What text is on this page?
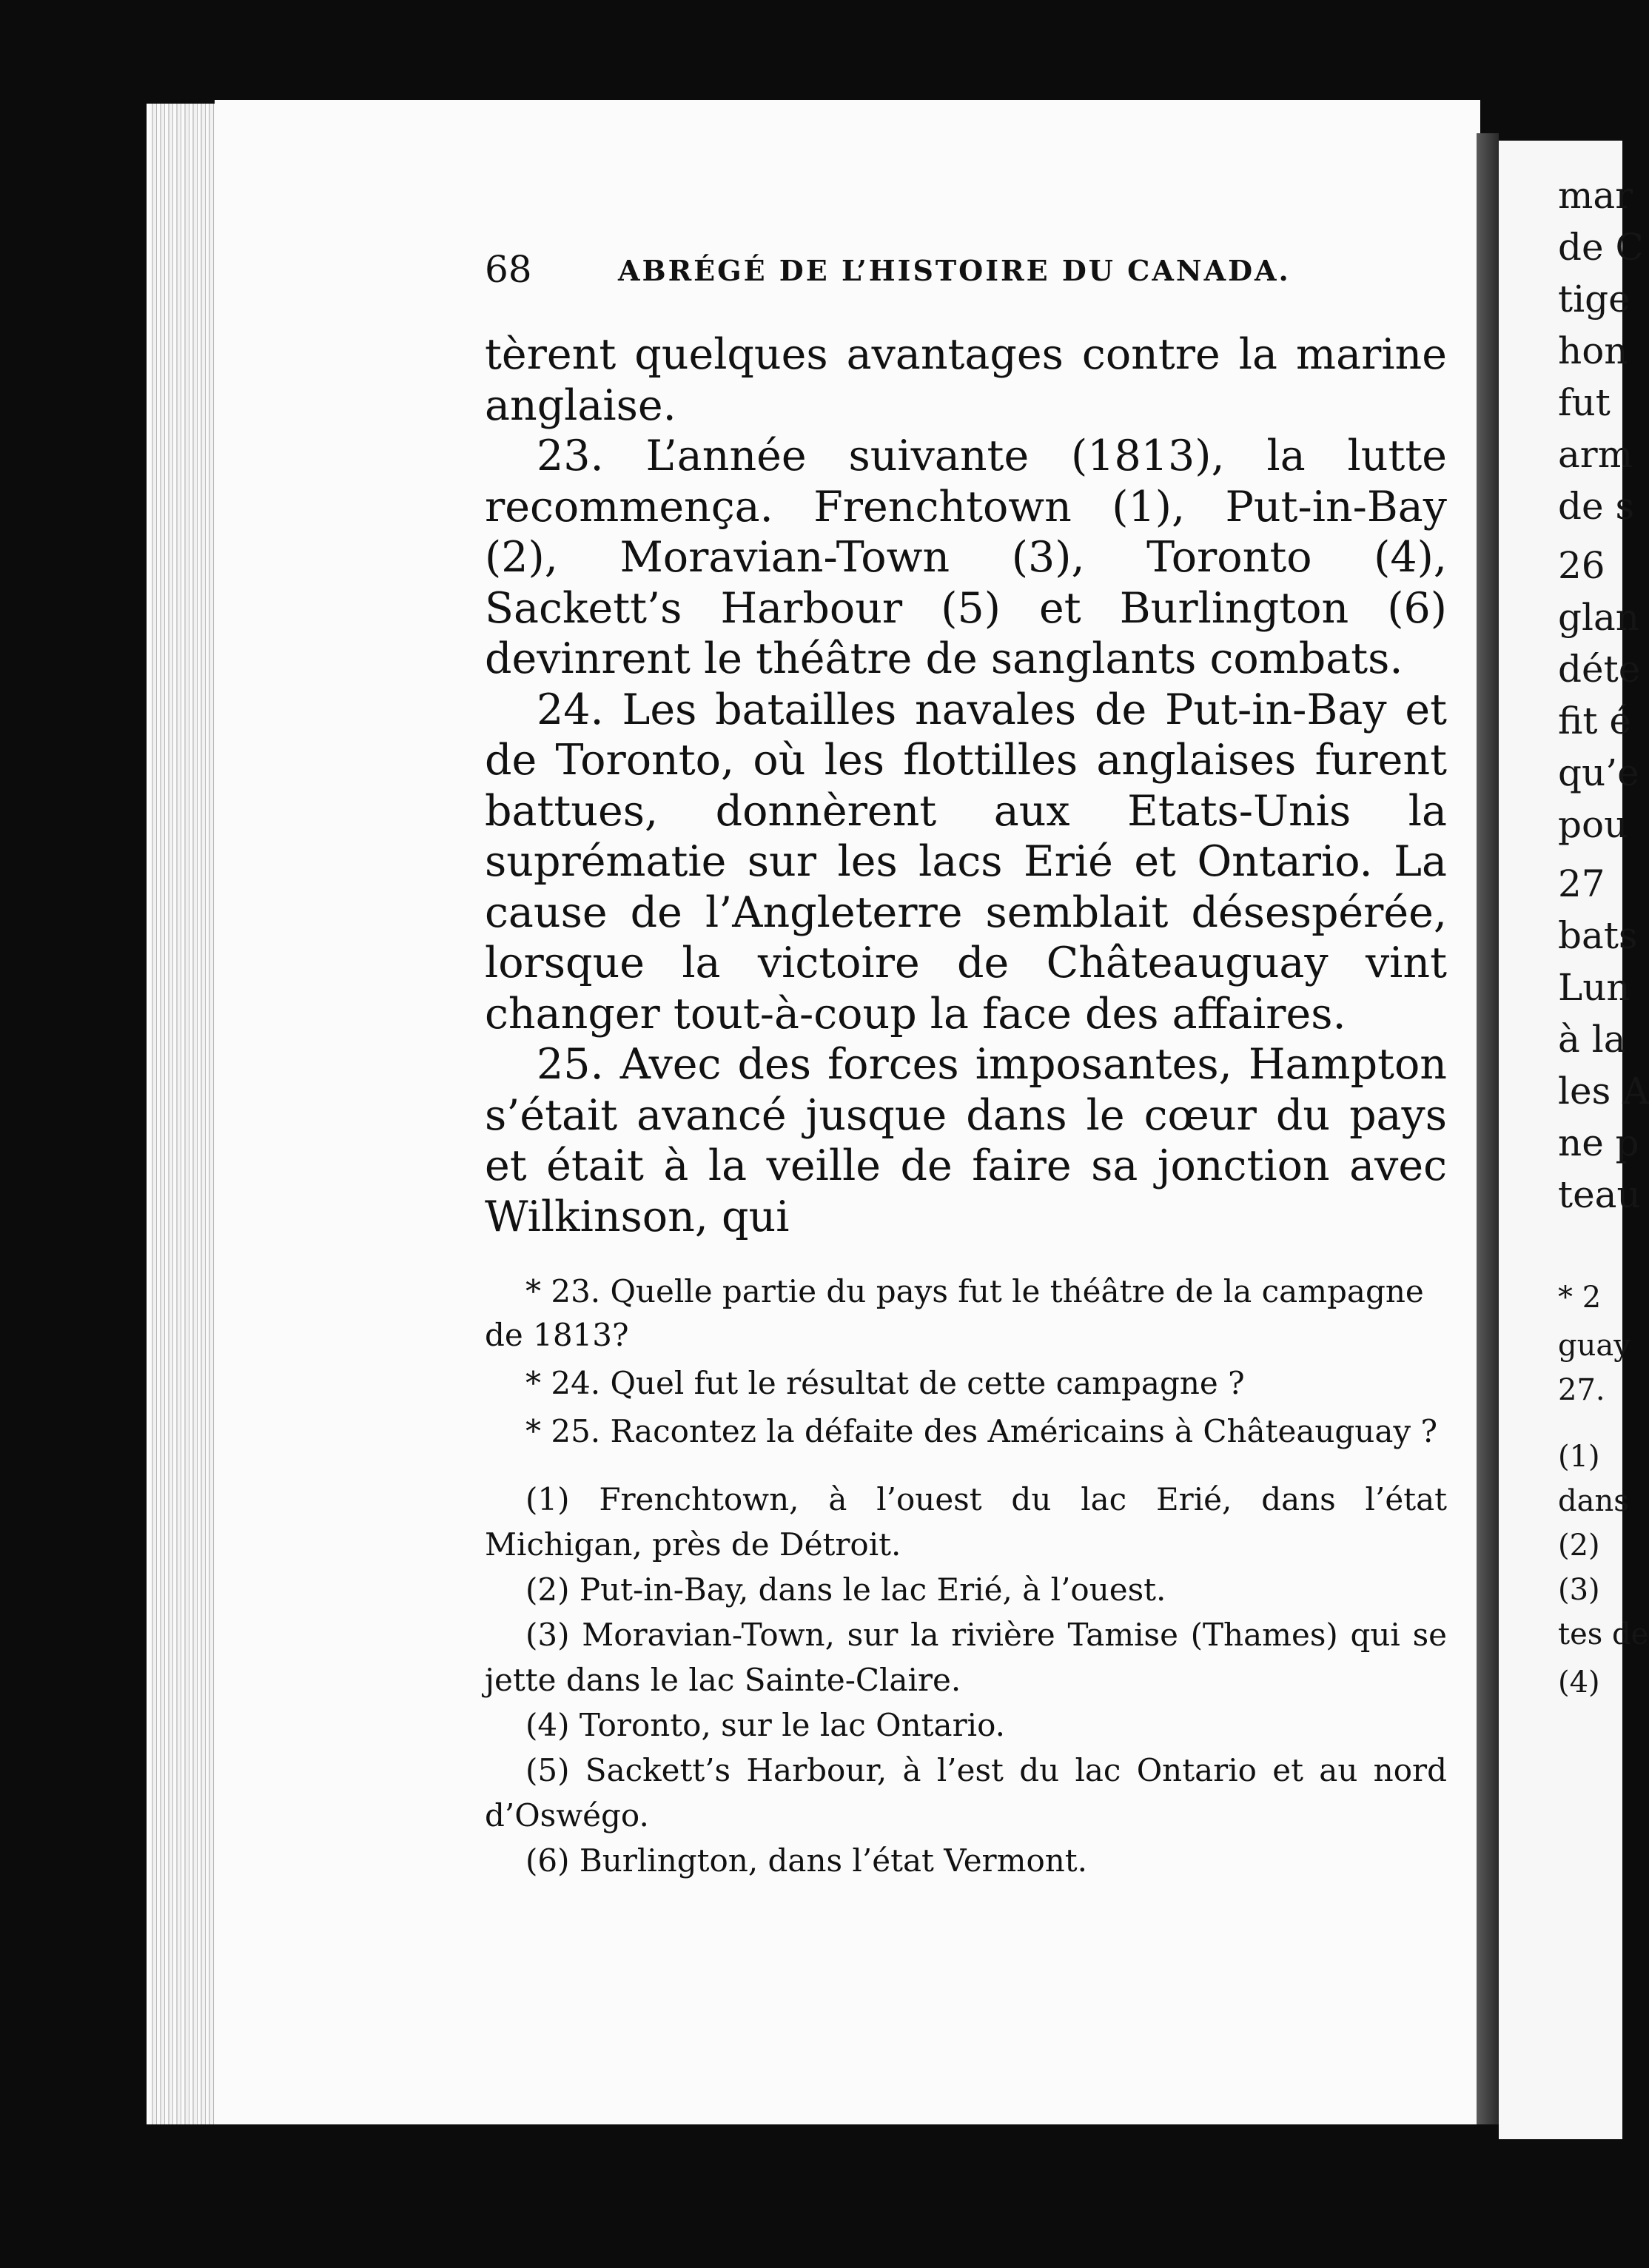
mar
de C
tige
hon
fut
arm
de s
26
glan
déte
fit é
qu’e
pou
27
bats
Lun
à la
les A
ne p
teau
* 2
guay
27.
(1)
dans
(2)
(3)
tes de
(4)
68	ABRÉGÉ DE L’HISTOIRE DU CANADA.

tèrent quelques avantages contre la marine anglaise.

23. L’année suivante (1813), la lutte recommença. Frenchtown (1), Put-in-Bay (2), Moravian-Town (3), Toronto (4), Sackett’s Harbour (5) et Burlington (6) devinrent le théâtre de sanglants combats.

24. Les batailles navales de Put-in-Bay et de Toronto, où les flottilles anglaises furent battues, donnèrent aux Etats-Unis la suprématie sur les lacs Erié et Ontario. La cause de l’Angleterre semblait désespérée, lorsque la victoire de Châteauguay vint changer tout-à-coup la face des affaires.

25. Avec des forces imposantes, Hampton s’était avancé jusque dans le cœur du pays et était à la veille de faire sa jonction avec Wilkinson, qui

* 23. Quelle partie du pays fut le théâtre de la campagne de 1813?

* 24. Quel fut le résultat de cette campagne ?

* 25. Racontez la défaite des Américains à Châteauguay ?

(1) Frenchtown, à l’ouest du lac Erié, dans l’état Michigan, près de Détroit.

(2) Put-in-Bay, dans le lac Erié, à l’ouest.

(3) Moravian-Town, sur la rivière Tamise (Thames) qui se jette dans le lac Sainte-Claire.

(4) Toronto, sur le lac Ontario.

(5) Sackett’s Harbour, à l’est du lac Ontario et au nord d’Oswégo.

(6) Burlington, dans l’état Vermont.
